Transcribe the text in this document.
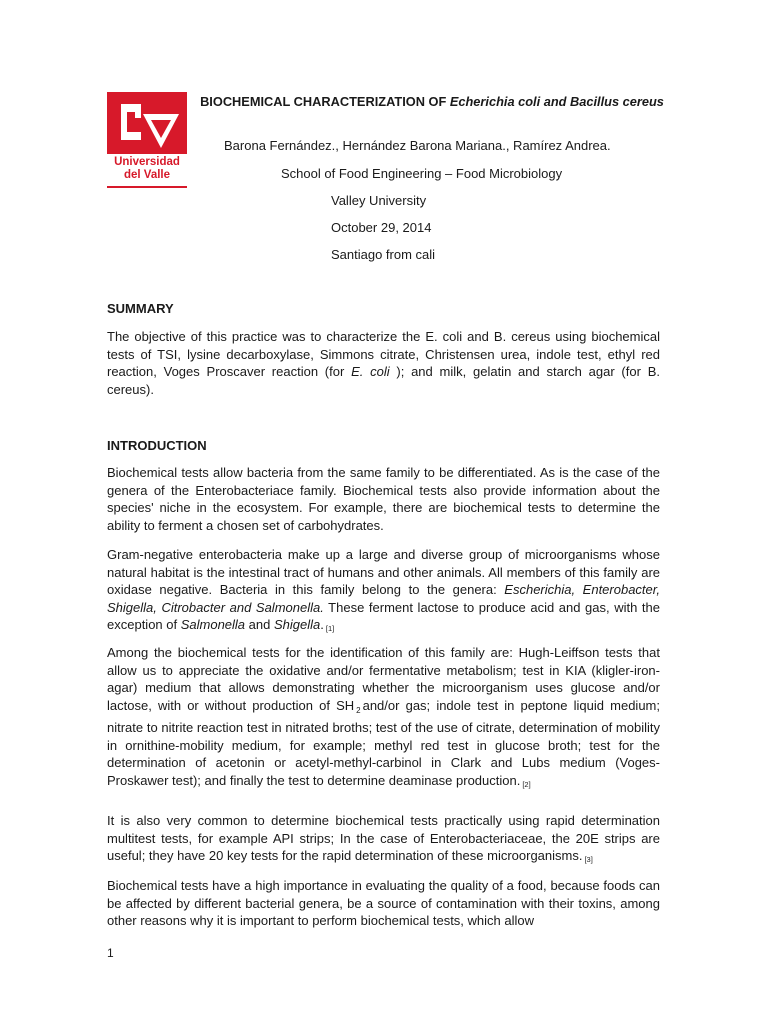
Universidad
del Valle
BIOCHEMICAL CHARACTERIZATION OF Echerichia coli and Bacillus cereus
Barona Fernández., Hernández Barona Mariana., Ramírez Andrea.
School of Food Engineering – Food Microbiology
Valley University
October 29, 2014
Santiago from cali
SUMMARY

The objective of this practice was to characterize the E. coli and B. cereus using biochemical tests of TSI, lysine decarboxylase, Simmons citrate, Christensen urea, indole test, ethyl red reaction, Voges Proscaver reaction (for E. coli ); and milk, gelatin and starch agar (for B. cereus).

INTRODUCTION

Biochemical tests allow bacteria from the same family to be differentiated. As is the case of the genera of the Enterobacteriace family. Biochemical tests also provide information about the species' niche in the ecosystem. For example, there are biochemical tests to determine the ability to ferment a chosen set of carbohydrates.

Gram-negative enterobacteria make up a large and diverse group of microorganisms whose natural habitat is the intestinal tract of humans and other animals. All members of this family are oxidase negative. Bacteria in this family belong to the genera: Escherichia, Enterobacter, Shigella, Citrobacter and Salmonella. These ferment lactose to produce acid and gas, with the exception of Salmonella and Shigella. [1]

Among the biochemical tests for the identification of this family are: Hugh-Leiffson tests that allow us to appreciate the oxidative and/or fermentative metabolism; test in KIA (kligler-iron-agar) medium that allows demonstrating whether the microorganism uses glucose and/or lactose, with or without production of SH $_2$ and/or gas; indole test in peptone liquid medium; nitrate to nitrite reaction test in nitrated broths; test of the use of citrate, determination of mobility in ornithine-mobility medium, for example; methyl red test in glucose broth; test for the determination of acetonin or acetyl-methyl-carbinol in Clark and Lubs medium (Voges-Proskawer test); and finally the test to determine deaminase production. [2]

It is also very common to determine biochemical tests practically using rapid determination multitest tests, for example API strips; In the case of Enterobacteriaceae, the 20E strips are useful; they have 20 key tests for the rapid determination of these microorganisms. [3]

Biochemical tests have a high importance in evaluating the quality of a food, because foods can be affected by different bacterial genera, be a source of contamination with their toxins, among other reasons why it is important to perform biochemical tests, which allow

1
